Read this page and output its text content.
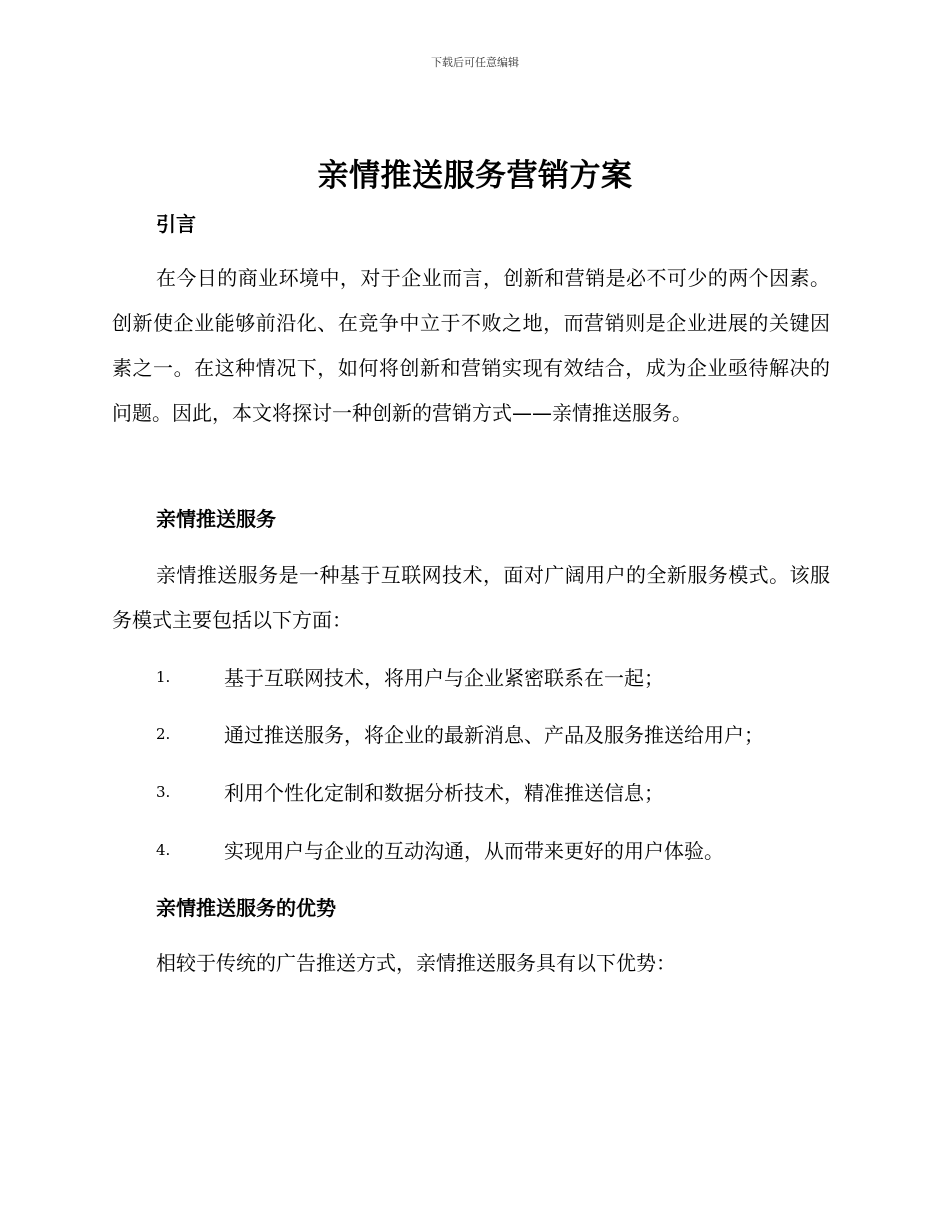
下载后可任意编辑
亲情推送服务营销方案
引言

在今日的商业环境中，对于企业而言，创新和营销是必不可少的两个因素。创新使企业能够前沿化、在竞争中立于不败之地，而营销则是企业进展的关键因素之一。在这种情况下，如何将创新和营销实现有效结合，成为企业亟待解决的问题。因此，本文将探讨一种创新的营销方式——亲情推送服务。

亲情推送服务

亲情推送服务是一种基于互联网技术，面对广阔用户的全新服务模式。该服务模式主要包括以下方面：

1.	基于互联网技术，将用户与企业紧密联系在一起；
2.	通过推送服务，将企业的最新消息、产品及服务推送给用户；
3.	利用个性化定制和数据分析技术，精准推送信息；
4.	实现用户与企业的互动沟通，从而带来更好的用户体验。
亲情推送服务的优势

相较于传统的广告推送方式，亲情推送服务具有以下优势：
